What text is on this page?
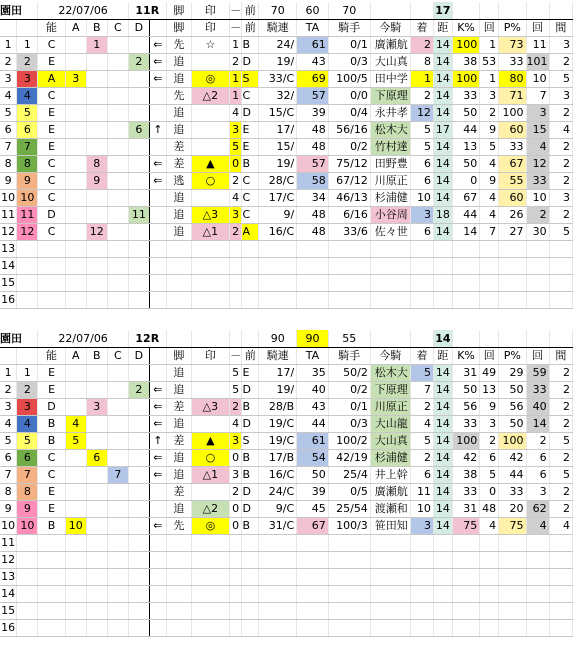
園田		22/07/06				11R		脚	印	－	前	70	60	70			17					
		能	A	B	C	D		脚	印	－	前	騎連	TA	騎手	今騎	着	距	K%	回	P%	回	間
1	1	C		1			⇐	先	☆	1	B	24/	61	0/1	廣瀬航	2	14	100	1	73	11	3
2	2	E				2	⇐	追		2	D	19/	43	0/3	大山真	8	14	38	53	33	101	2
3	3	A	3				⇐	追	◎	1	S	33/C	69	100/5	田中学	1	14	100	1	80	10	5
4	4	C						先	△2	1	C	32/	57	0/0	下原理	2	14	33	3	71	7	3
5	5	E						追		4	D	15/C	39	0/4	永井孝	12	14	50	2	100	3	2
6	6	E				6	↑	追		3	E	17/	48	56/16	松木大	5	17	44	9	60	15	4
7	7	E						差		5	E	15/	48	0/2	竹村達	5	14	13	5	33	4	2
8	8	C		8			⇐	差	▲	0	B	19/	57	75/12	田野豊	6	14	50	4	67	12	2
9	9	C		9			⇐	逃	○	2	C	28/C	58	67/12	川原正	6	14	0	9	55	33	2
10	10	C						追		4	C	17/C	34	46/13	杉浦健	10	14	67	4	60	10	3
11	11	D				11		追	△3	3	C	9/	48	6/16	小谷周	3	18	44	4	26	2	2
12	12	C		12				追	△1	2	A	16/C	48	33/6	佐々世	6	14	14	7	27	30	5
13																						
14																						
15																						
16																						
園田		22/07/06				12R						90	90	55			14					
		能	A	B	C	D		脚	印	－	前	騎連	TA	騎手	今騎	着	距	K%	回	P%	回	間
1	1	E						追		5	E	17/	35	50/2	松木大	5	14	31	49	29	59	2
2	2	E				2	⇐	追		5	D	19/	40	0/2	下原理	7	14	50	13	50	33	2
3	3	D		3			⇐	差	△3	2	B	28/B	43	0/1	川原正	2	14	56	9	56	40	2
4	4	B	4				⇐	追		4	D	19/C	44	0/3	大山龍	4	14	33	3	50	14	2
5	5	B	5				↑	差	▲	3	S	19/C	61	100/2	大山真	5	14	100	2	100	2	5
6	6	C		6			⇐	追	○	0	B	17/B	54	42/19	杉浦健	2	14	42	6	42	6	2
7	7	C			7		⇐	追	△1	3	B	16/C	50	25/4	井上幹	6	14	38	5	44	6	5
8	8	E						差		2	D	24/C	39	0/5	廣瀬航	11	14	33	0	33	3	2
9	9	E						追	△2	0	D	9/C	45	25/54	渡瀬和	10	14	31	48	20	62	2
10	10	B	10				⇐	先	◎	0	B	31/C	67	100/3	笹田知	3	14	75	4	75	4	4
11																						
12																						
13																						
14																						
15																						
16																						
